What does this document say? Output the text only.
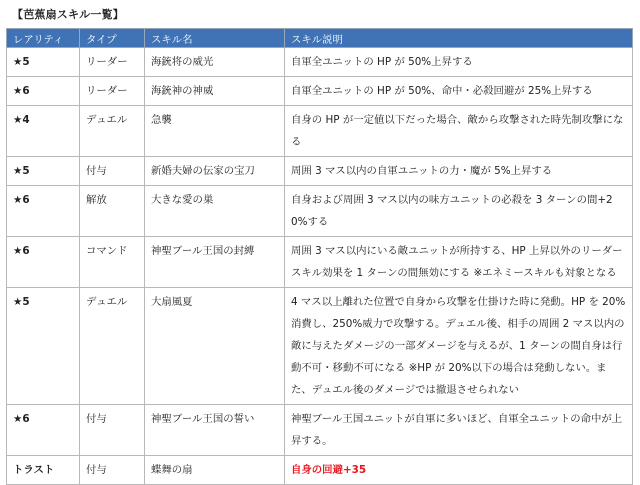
【芭蕉扇スキル一覧】
レアリティ	タイプ	スキル名	スキル説明
★5	リーダー	海銃将の威光	自軍全ユニットの HP が 50%上昇する
★6	リーダー	海銃神の神威	自軍全ユニットの HP が 50%、命中・必殺回避が 25%上昇する
★4	デュエル	急襲	自身の HP が一定値以下だった場合、敵から攻撃された時先制攻撃になる
★5	付与	新婚夫婦の伝家の宝刀	周囲 3 マス以内の自軍ユニットの力・魔が 5%上昇する
★6	解放	大きな愛の巣	自身および周囲 3 マス以内の味方ユニットの必殺を 3 ターンの間+20%する
★6	コマンド	神聖ブール王国の封縛	周囲 3 マス以内にいる敵ユニットが所持する、HP 上昇以外のリーダースキル効果を 1 ターンの間無効にする ※エネミースキルも対象となる
★5	デュエル	大扇風夏	4 マス以上離れた位置で自身から攻撃を仕掛けた時に発動。HP を 20%消費し、250%威力で攻撃する。デュエル後、相手の周囲 2 マス以内の敵に与えたダメージの一部ダメージを与えるが、1 ターンの間自身は行動不可・移動不可になる ※HP が 20%以下の場合は発動しない。また、デュエル後のダメージでは撤退させられない
★6	付与	神聖ブール王国の誓い	神聖ブール王国ユニットが自軍に多いほど、自軍全ユニットの命中が上昇する。
トラスト	付与	蝶舞の扇	自身の回避+35
